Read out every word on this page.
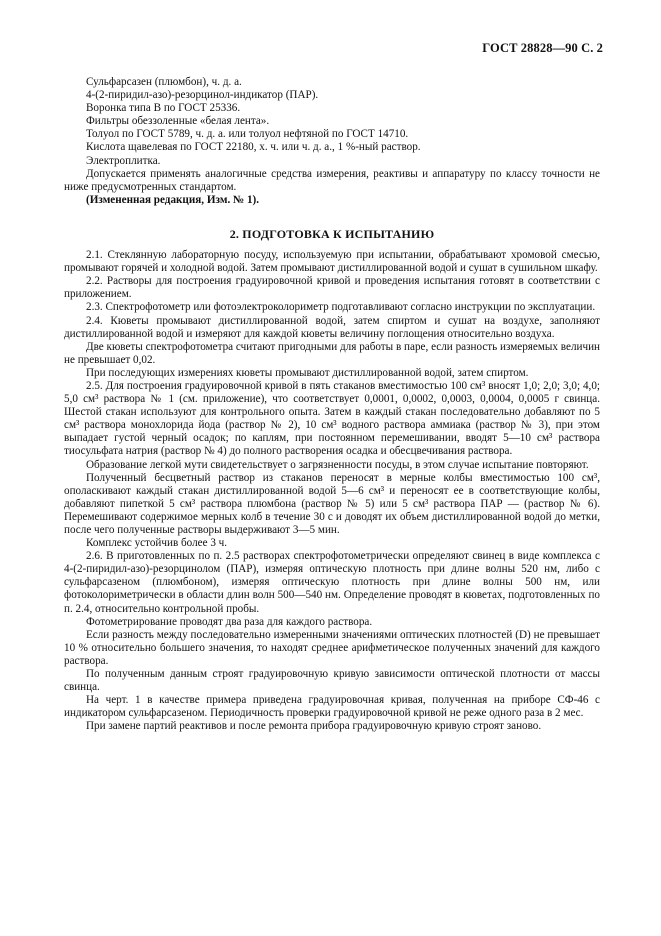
ГОСТ 28828—90 С. 2

Сульфарсазен (плюмбон), ч. д. а.

4-(2-пиридил-азо)-резорцинол-индикатор (ПАР).

Воронка типа В по ГОСТ 25336.

Фильтры обеззоленные «белая лента».

Толуол по ГОСТ 5789, ч. д. а. или толуол нефтяной по ГОСТ 14710.

Кислота щавелевая по ГОСТ 22180, х. ч. или ч. д. а., 1 %-ный раствор.

Электроплитка.

Допускается применять аналогичные средства измерения, реактивы и аппаратуру по классу точности не ниже предусмотренных стандартом.

(Измененная редакция, Изм. № 1).

2. ПОДГОТОВКА К ИСПЫТАНИЮ

2.1. Стеклянную лабораторную посуду, используемую при испытании, обрабатывают хромовой смесью, промывают горячей и холодной водой. Затем промывают дистиллированной водой и сушат в сушильном шкафу.

2.2. Растворы для построения градуировочной кривой и проведения испытания готовят в соответствии с приложением.

2.3. Спектрофотометр или фотоэлектроколориметр подготавливают согласно инструкции по эксплуатации.

2.4. Кюветы промывают дистиллированной водой, затем спиртом и сушат на воздухе, заполняют дистиллированной водой и измеряют для каждой кюветы величину поглощения относительно воздуха.

Две кюветы спектрофотометра считают пригодными для работы в паре, если разность измеряемых величин не превышает 0,02.

При последующих измерениях кюветы промывают дистиллированной водой, затем спиртом.

2.5. Для построения градуировочной кривой в пять стаканов вместимостью 100 см³ вносят 1,0; 2,0; 3,0; 4,0; 5,0 см³ раствора № 1 (см. приложение), что соответствует 0,0001, 0,0002, 0,0003, 0,0004, 0,0005 г свинца. Шестой стакан используют для контрольного опыта. Затем в каждый стакан последовательно добавляют по 5 см³ раствора монохлорида йода (раствор № 2), 10 см³ водного раствора аммиака (раствор № 3), при этом выпадает густой черный осадок; по каплям, при постоянном перемешивании, вводят 5—10 см³ раствора тиосульфата натрия (раствор № 4) до полного растворения осадка и обесцвечивания раствора.

Образование легкой мути свидетельствует о загрязненности посуды, в этом случае испытание повторяют.

Полученный бесцветный раствор из стаканов переносят в мерные колбы вместимостью 100 см³, ополаскивают каждый стакан дистиллированной водой 5—6 см³ и переносят ее в соответствующие колбы, добавляют пипеткой 5 см³ раствора плюмбона (раствор № 5) или 5 см³ раствора ПАР — (раствор № 6). Перемешивают содержимое мерных колб в течение 30 с и доводят их объем дистиллированной водой до метки, после чего полученные растворы выдерживают 3—5 мин.

Комплекс устойчив более 3 ч.

2.6. В приготовленных по п. 2.5 растворах спектрофотометрически определяют свинец в виде комплекса с 4-(2-пиридил-азо)-резорцинолом (ПАР), измеряя оптическую плотность при длине волны 520 нм, либо с сульфарсазеном (плюмбоном), измеряя оптическую плотность при длине волны 500 нм, или фотоколориметрически в области длин волн 500—540 нм. Определение проводят в кюветах, подготовленных по п. 2.4, относительно контрольной пробы.

Фотометрирование проводят два раза для каждого раствора.

Если разность между последовательно измеренными значениями оптических плотностей (D) не превышает 10 % относительно большего значения, то находят среднее арифметическое полученных значений для каждого раствора.

По полученным данным строят градуировочную кривую зависимости оптической плотности от массы свинца.

На черт. 1 в качестве примера приведена градуировочная кривая, полученная на приборе СФ-46 с индикатором сульфарсазеном. Периодичность проверки градуировочной кривой не реже одного раза в 2 мес.

При замене партий реактивов и после ремонта прибора градуировочную кривую строят заново.
